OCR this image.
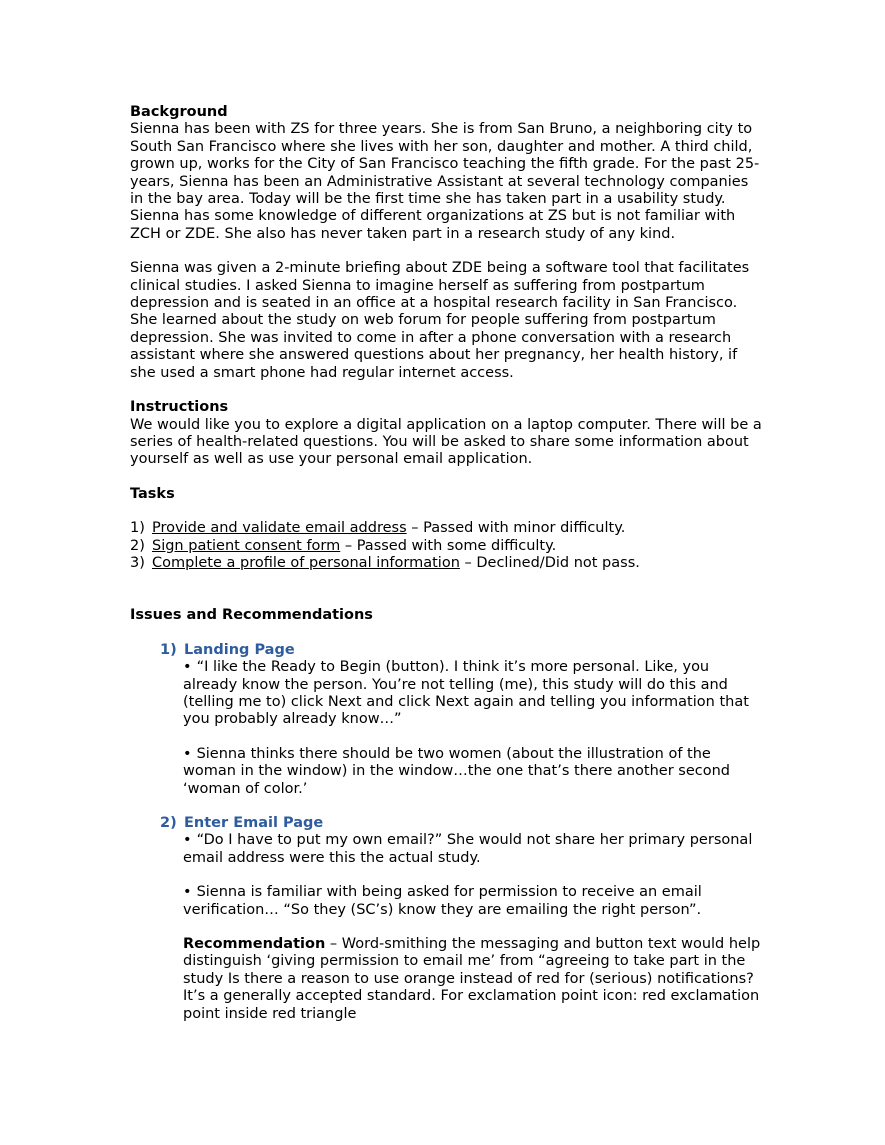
Background

Sienna has been with ZS for three years. She is from San Bruno, a neighboring city to South San Francisco where she lives with her son, daughter and mother. A third child, grown up, works for the City of San Francisco teaching the fifth grade. For the past 25-years, Sienna has been an Administrative Assistant at several technology companies in the bay area. Today will be the first time she has taken part in a usability study. Sienna has some knowledge of different organizations at ZS but is not familiar with ZCH or ZDE. She also has never taken part in a research study of any kind.

Sienna was given a 2-minute briefing about ZDE being a software tool that facilitates clinical studies. I asked Sienna to imagine herself as suffering from postpartum depression and is seated in an office at a hospital research facility in San Francisco. She learned about the study on web forum for people suffering from postpartum depression. She was invited to come in after a phone conversation with a research assistant where she answered questions about her pregnancy, her health history, if she used a smart phone had regular internet access.

Instructions

We would like you to explore a digital application on a laptop computer. There will be a series of health-related questions. You will be asked to share some information about yourself as well as use your personal email application.

Tasks
1) Provide and validate email address – Passed with minor difficulty.
2) Sign patient consent form – Passed with some difficulty.
3) Complete a profile of personal information – Declined/Did not pass.
Issues and Recommendations
1) Landing Page

• “I like the Ready to Begin (button). I think it’s more personal. Like, you already know the person. You’re not telling (me), this study will do this and (telling me to) click Next and click Next again and telling you information that you probably already know…”

• Sienna thinks there should be two women (about the illustration of the woman in the window) in the window…the one that’s there another second ‘woman of color.’

2) Enter Email Page

• “Do I have to put my own email?” She would not share her primary personal email address were this the actual study.

• Sienna is familiar with being asked for permission to receive an email verification… “So they (SC’s) know they are emailing the right person”.

Recommendation – Word-smithing the messaging and button text would help distinguish ‘giving permission to email me’ from “agreeing to take part in the study Is there a reason to use orange instead of red for (serious) notifications? It’s a generally accepted standard. For exclamation point icon: red exclamation point inside red triangle
